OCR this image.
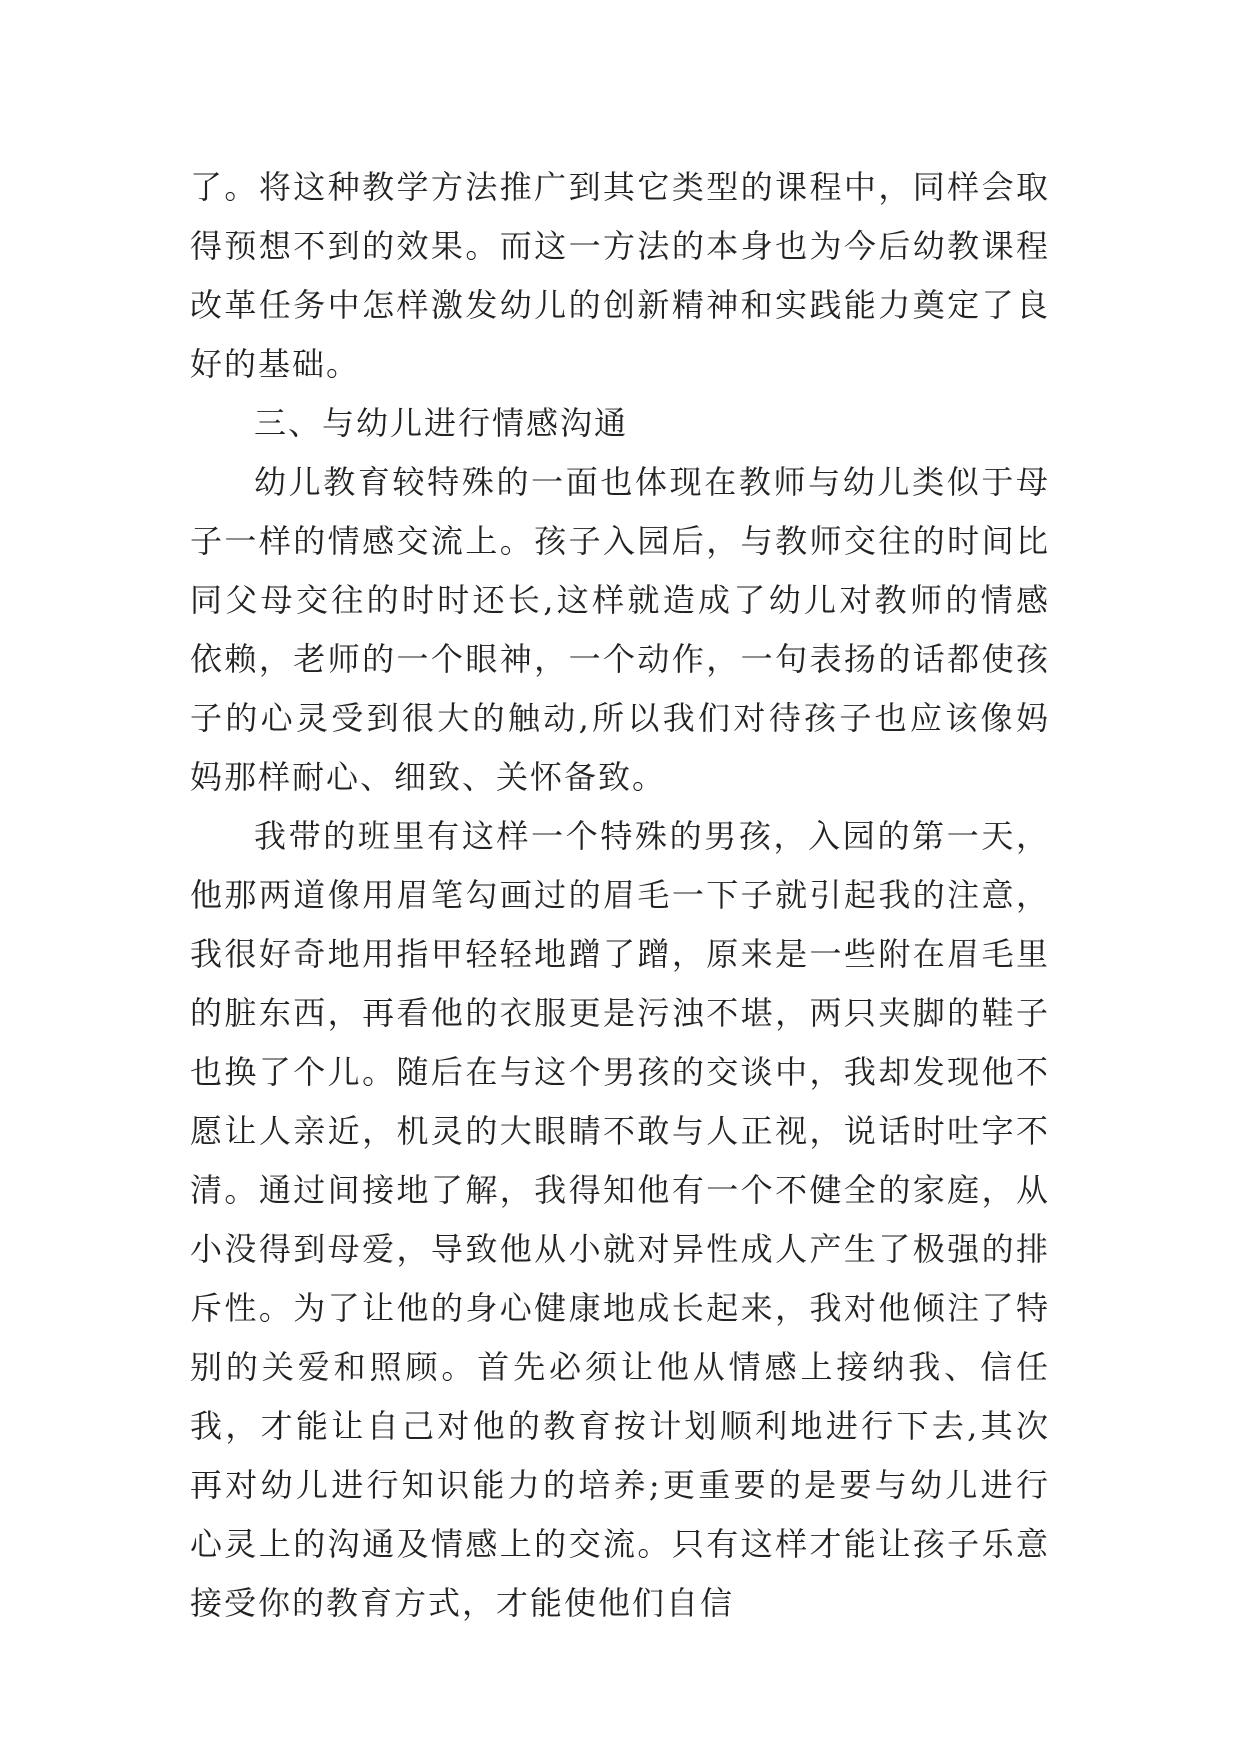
了。将这种教学方法推广到其它类型的课程中，同样会取得预想不到的效果。而这一方法的本身也为今后幼教课程改革任务中怎样激发幼儿的创新精神和实践能力奠定了良好的基础。

三、与幼儿进行情感沟通

幼儿教育较特殊的一面也体现在教师与幼儿类似于母子一样的情感交流上。孩子入园后，与教师交往的时间比同父母交往的时时还长,这样就造成了幼儿对教师的情感依赖，老师的一个眼神，一个动作，一句表扬的话都使孩子的心灵受到很大的触动,所以我们对待孩子也应该像妈妈那样耐心、细致、关怀备致。

我带的班里有这样一个特殊的男孩，入园的第一天，他那两道像用眉笔勾画过的眉毛一下子就引起我的注意，我很好奇地用指甲轻轻地蹭了蹭，原来是一些附在眉毛里的脏东西，再看他的衣服更是污浊不堪，两只夹脚的鞋子也换了个儿。随后在与这个男孩的交谈中，我却发现他不愿让人亲近，机灵的大眼睛不敢与人正视，说话时吐字不清。通过间接地了解，我得知他有一个不健全的家庭，从小没得到母爱，导致他从小就对异性成人产生了极强的排斥性。为了让他的身心健康地成长起来，我对他倾注了特别的关爱和照顾。首先必须让他从情感上接纳我、信任我，才能让自己对他的教育按计划顺利地进行下去,其次再对幼儿进行知识能力的培养;更重要的是要与幼儿进行心灵上的沟通及情感上的交流。只有这样才能让孩子乐意接受你的教育方式，才能使他们自信
